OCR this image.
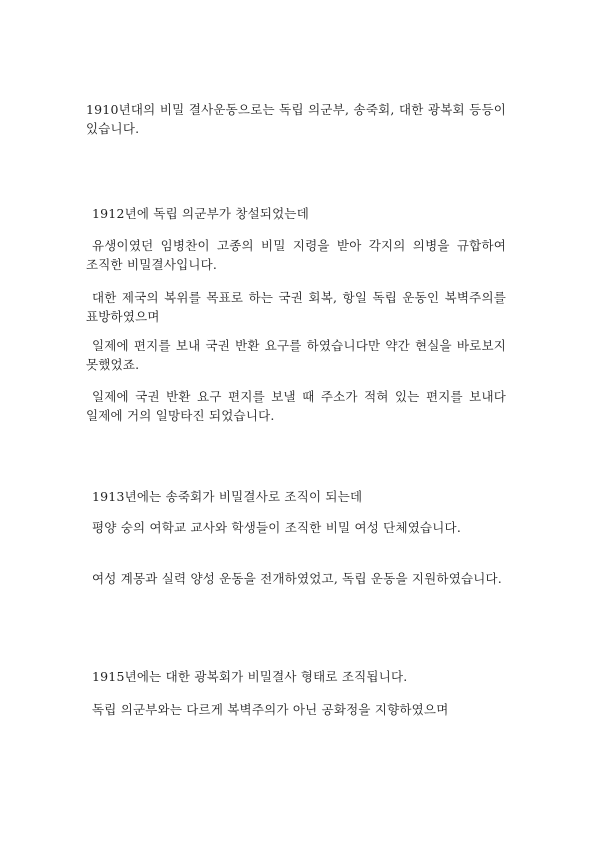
1910년대의 비밀 결사운동으로는 독립 의군부, 송죽회, 대한 광복회 등등이 있습니다.

1912년에 독립 의군부가 창설되었는데

유생이였던 임병찬이 고종의 비밀 지령을 받아 각지의 의병을 규합하여 조직한 비밀결사입니다.

대한 제국의 복위를 목표로 하는 국권 회복, 항일 독립 운동인 복벽주의를 표방하였으며

일제에 편지를 보내 국권 반환 요구를 하였습니다만 약간 현실을 바로보지 못했었죠.

일제에 국권 반환 요구 편지를 보낼 때 주소가 적혀 있는 편지를 보내다 일제에 거의 일망타진 되었습니다.

1913년에는 송죽회가 비밀결사로 조직이 되는데

평양 숭의 여학교 교사와 학생들이 조직한 비밀 여성 단체였습니다.

여성 계몽과 실력 양성 운동을 전개하였었고, 독립 운동을 지원하였습니다.

1915년에는 대한 광복회가 비밀결사 형태로 조직됩니다.

독립 의군부와는 다르게 복벽주의가 아닌 공화정을 지향하였으며
